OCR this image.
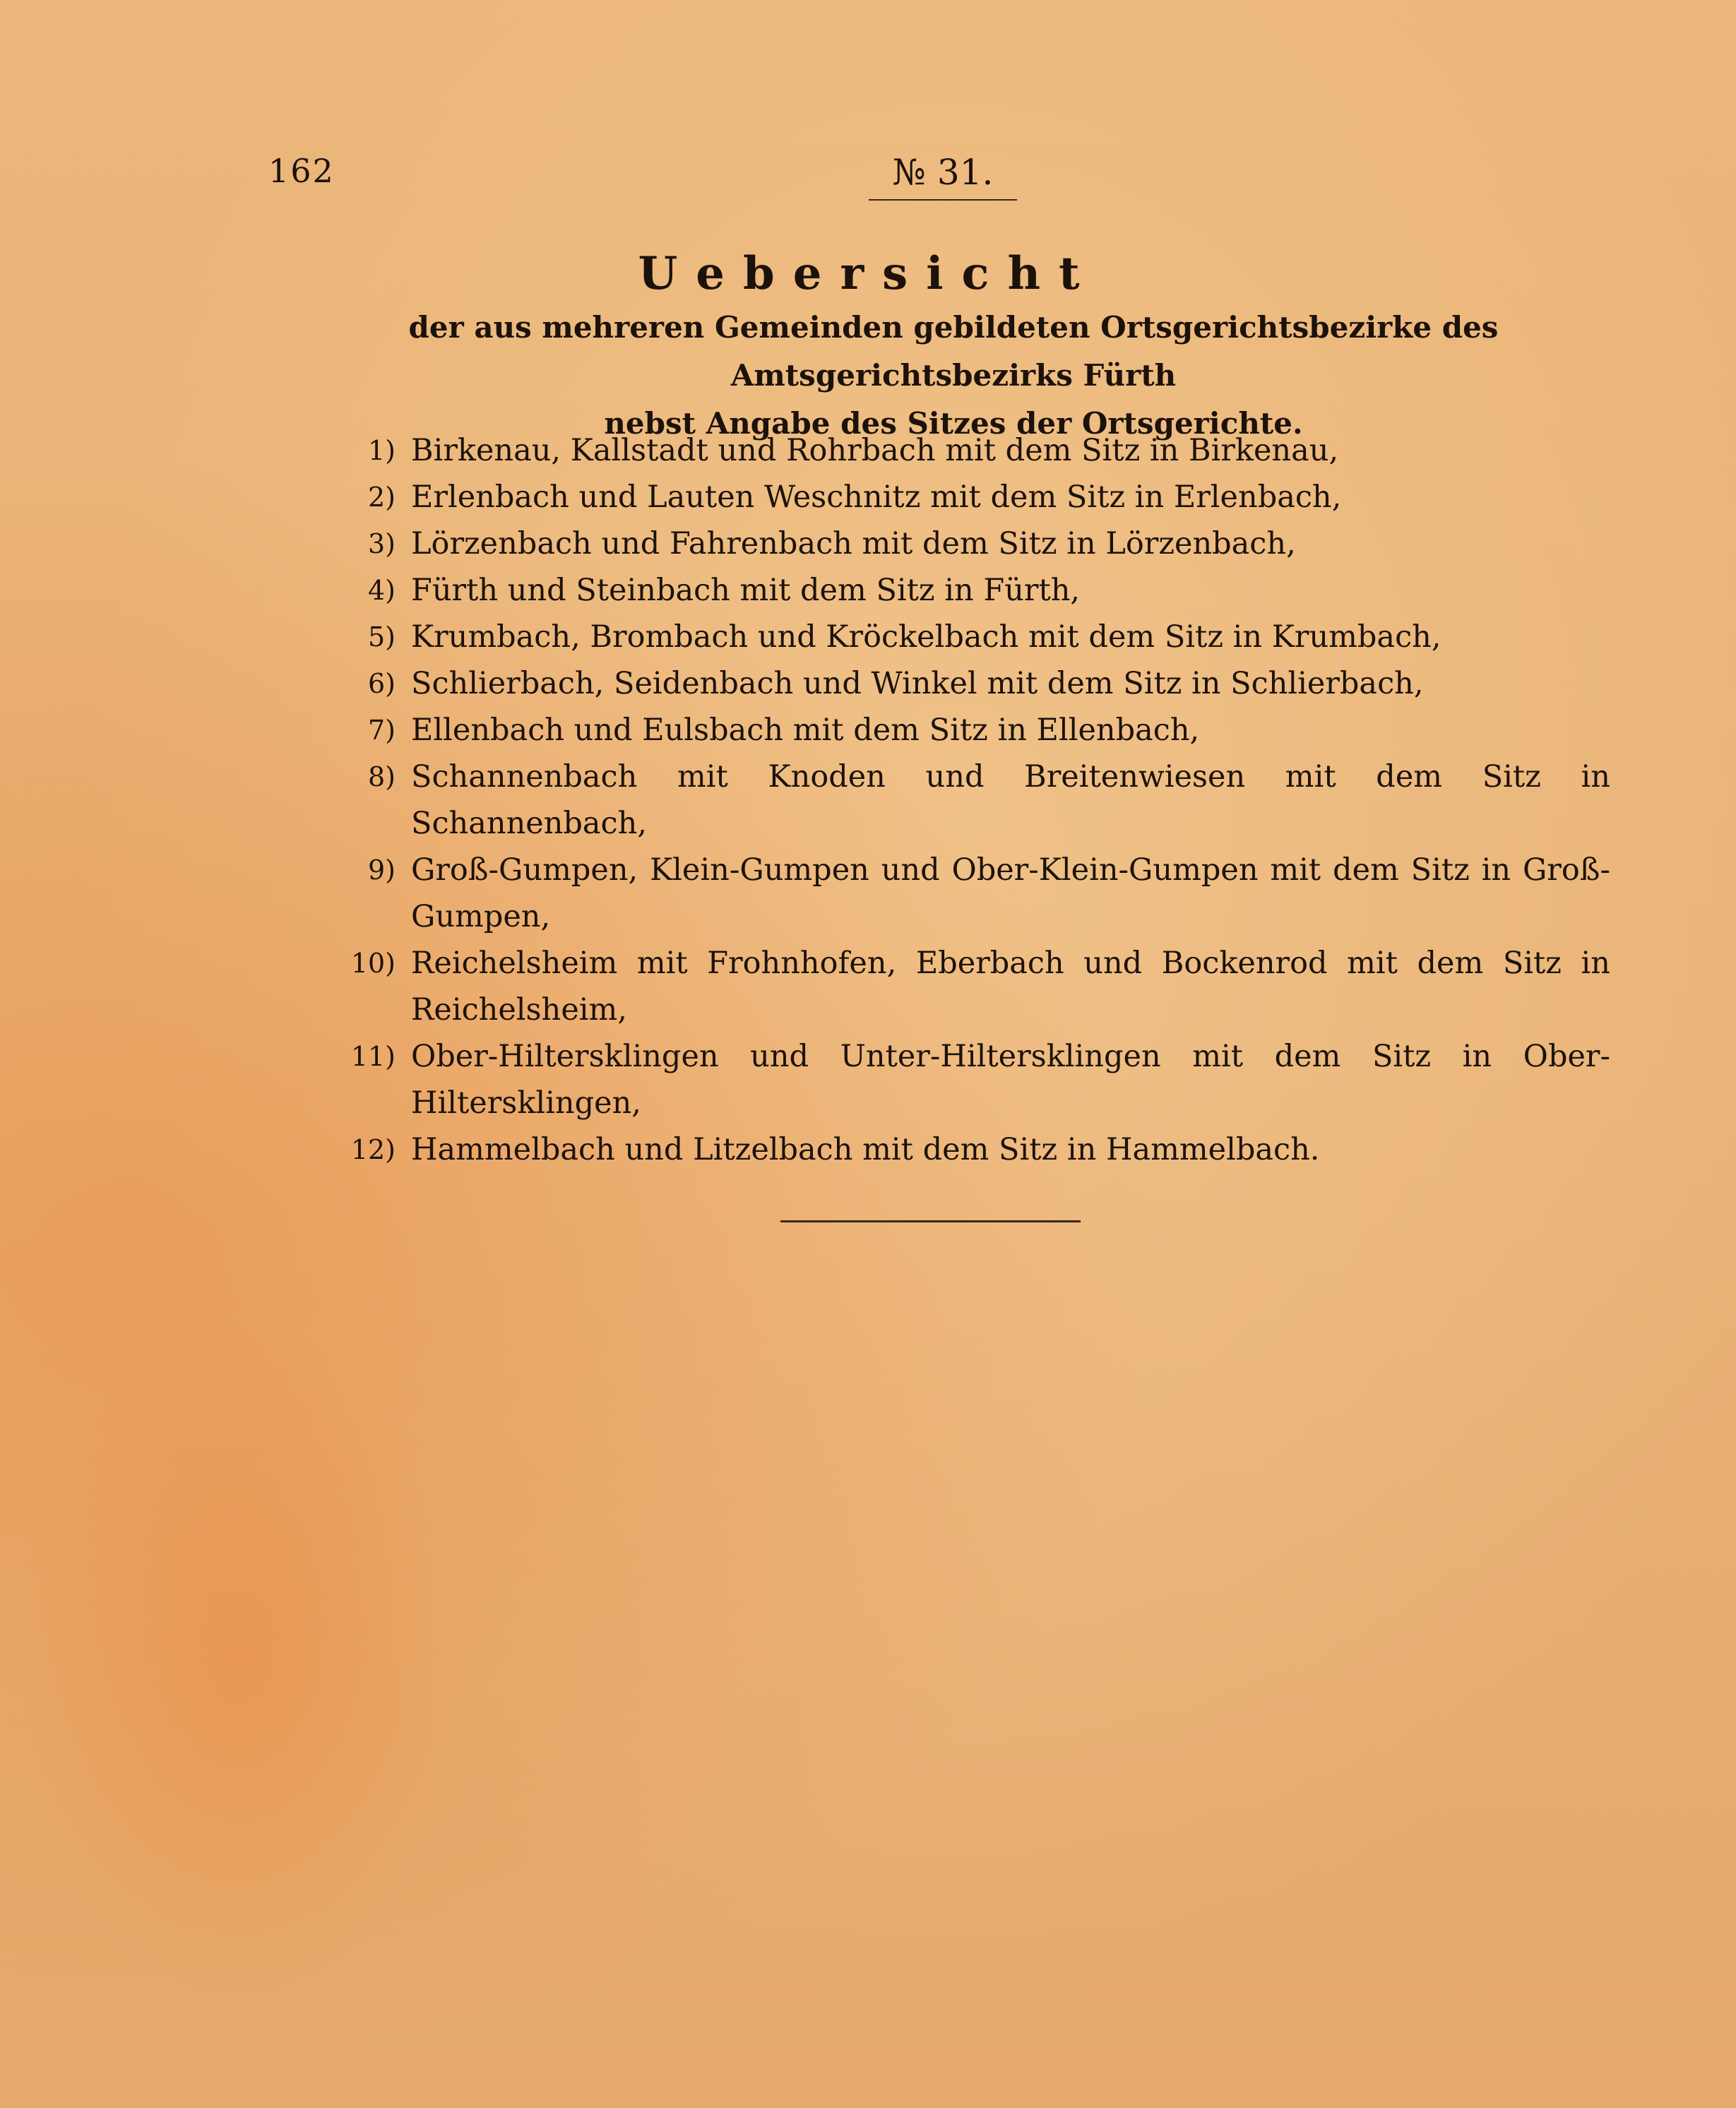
162	№ 31.
Uebersicht
der aus mehreren Gemeinden gebildeten Ortsgerichtsbezirke des Amtsgerichtsbezirks Fürth
nebst Angabe des Sitzes der Ortsgerichte.
1) Birkenau, Kallstadt und Rohrbach mit dem Sitz in Birkenau,
2) Erlenbach und Lauten Weschnitz mit dem Sitz in Erlenbach,
3) Lörzenbach und Fahrenbach mit dem Sitz in Lörzenbach,
4) Fürth und Steinbach mit dem Sitz in Fürth,
5) Krumbach, Brombach und Kröckelbach mit dem Sitz in Krumbach,
6) Schlierbach, Seidenbach und Winkel mit dem Sitz in Schlierbach,
7) Ellenbach und Eulsbach mit dem Sitz in Ellenbach,
8) Schannenbach mit Knoden und Breitenwiesen mit dem Sitz in Schannenbach,
9) Groß-Gumpen, Klein-Gumpen und Ober-Klein-Gumpen mit dem Sitz in Groß-Gumpen,
10) Reichelsheim mit Frohnhofen, Eberbach und Bockenrod mit dem Sitz in Reichelsheim,
11) Ober-Hiltersklingen und Unter-Hiltersklingen mit dem Sitz in Ober-Hiltersklingen,
12) Hammelbach und Litzelbach mit dem Sitz in Hammelbach.
